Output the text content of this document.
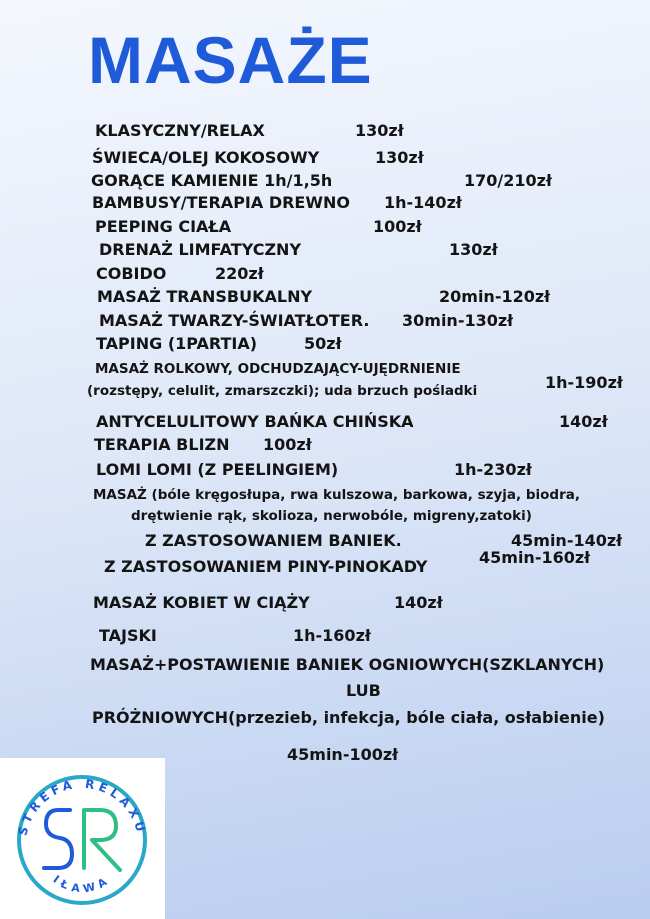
MASAŻE
KLASYCZNY/RELAX	130zł
ŚWIECA/OLEJ KOKOSOWY	130zł
GORĄCE KAMIENIE 1h/1,5h	170/210zł
BAMBUSY/TERAPIA DREWNO 1h-140zł
PEEPING CIAŁA	100zł
DRENAŻ LIMFATYCZNY	130zł
COBIDO	220zł
MASAŻ TRANSBUKALNY	20min-120zł
MASAŻ TWARZY-ŚWIATŁOTER. 30min-130zł
TAPING (1PARTIA)	50zł
MASAŻ ROLKOWY, ODCHUDZAJĄCY-UJĘDRNIENIE
(rozstępy, celulit, zmarszczki); uda brzuch pośladki	1h-190zł
ANTYCELULITOWY BAŃKA CHIŃSKA	140zł
TERAPIA BLIZN 100zł
LOMI LOMI (Z PEELINGIEM)	1h-230zł
MASAŻ (bóle kręgosłupa, rwa kulszowa, barkowa, szyja, biodra,
drętwienie rąk, skolioza, nerwobóle, migreny,zatoki)
Z ZASTOSOWANIEM BANIEK.	45min-140zł
Z ZASTOSOWANIEM PINY-PINOKADY	45min-160zł
MASAŻ KOBIET W CIĄŻY	140zł
TAJSKI	1h-160zł
MASAŻ+POSTAWIENIE BANIEK OGNIOWYCH(SZKLANYCH)
LUB
PRÓŻNIOWYCH(przezieb, infekcja, bóle ciała, osłabienie)
45min-100zł
STREFA RELAXU
IŁAWA
